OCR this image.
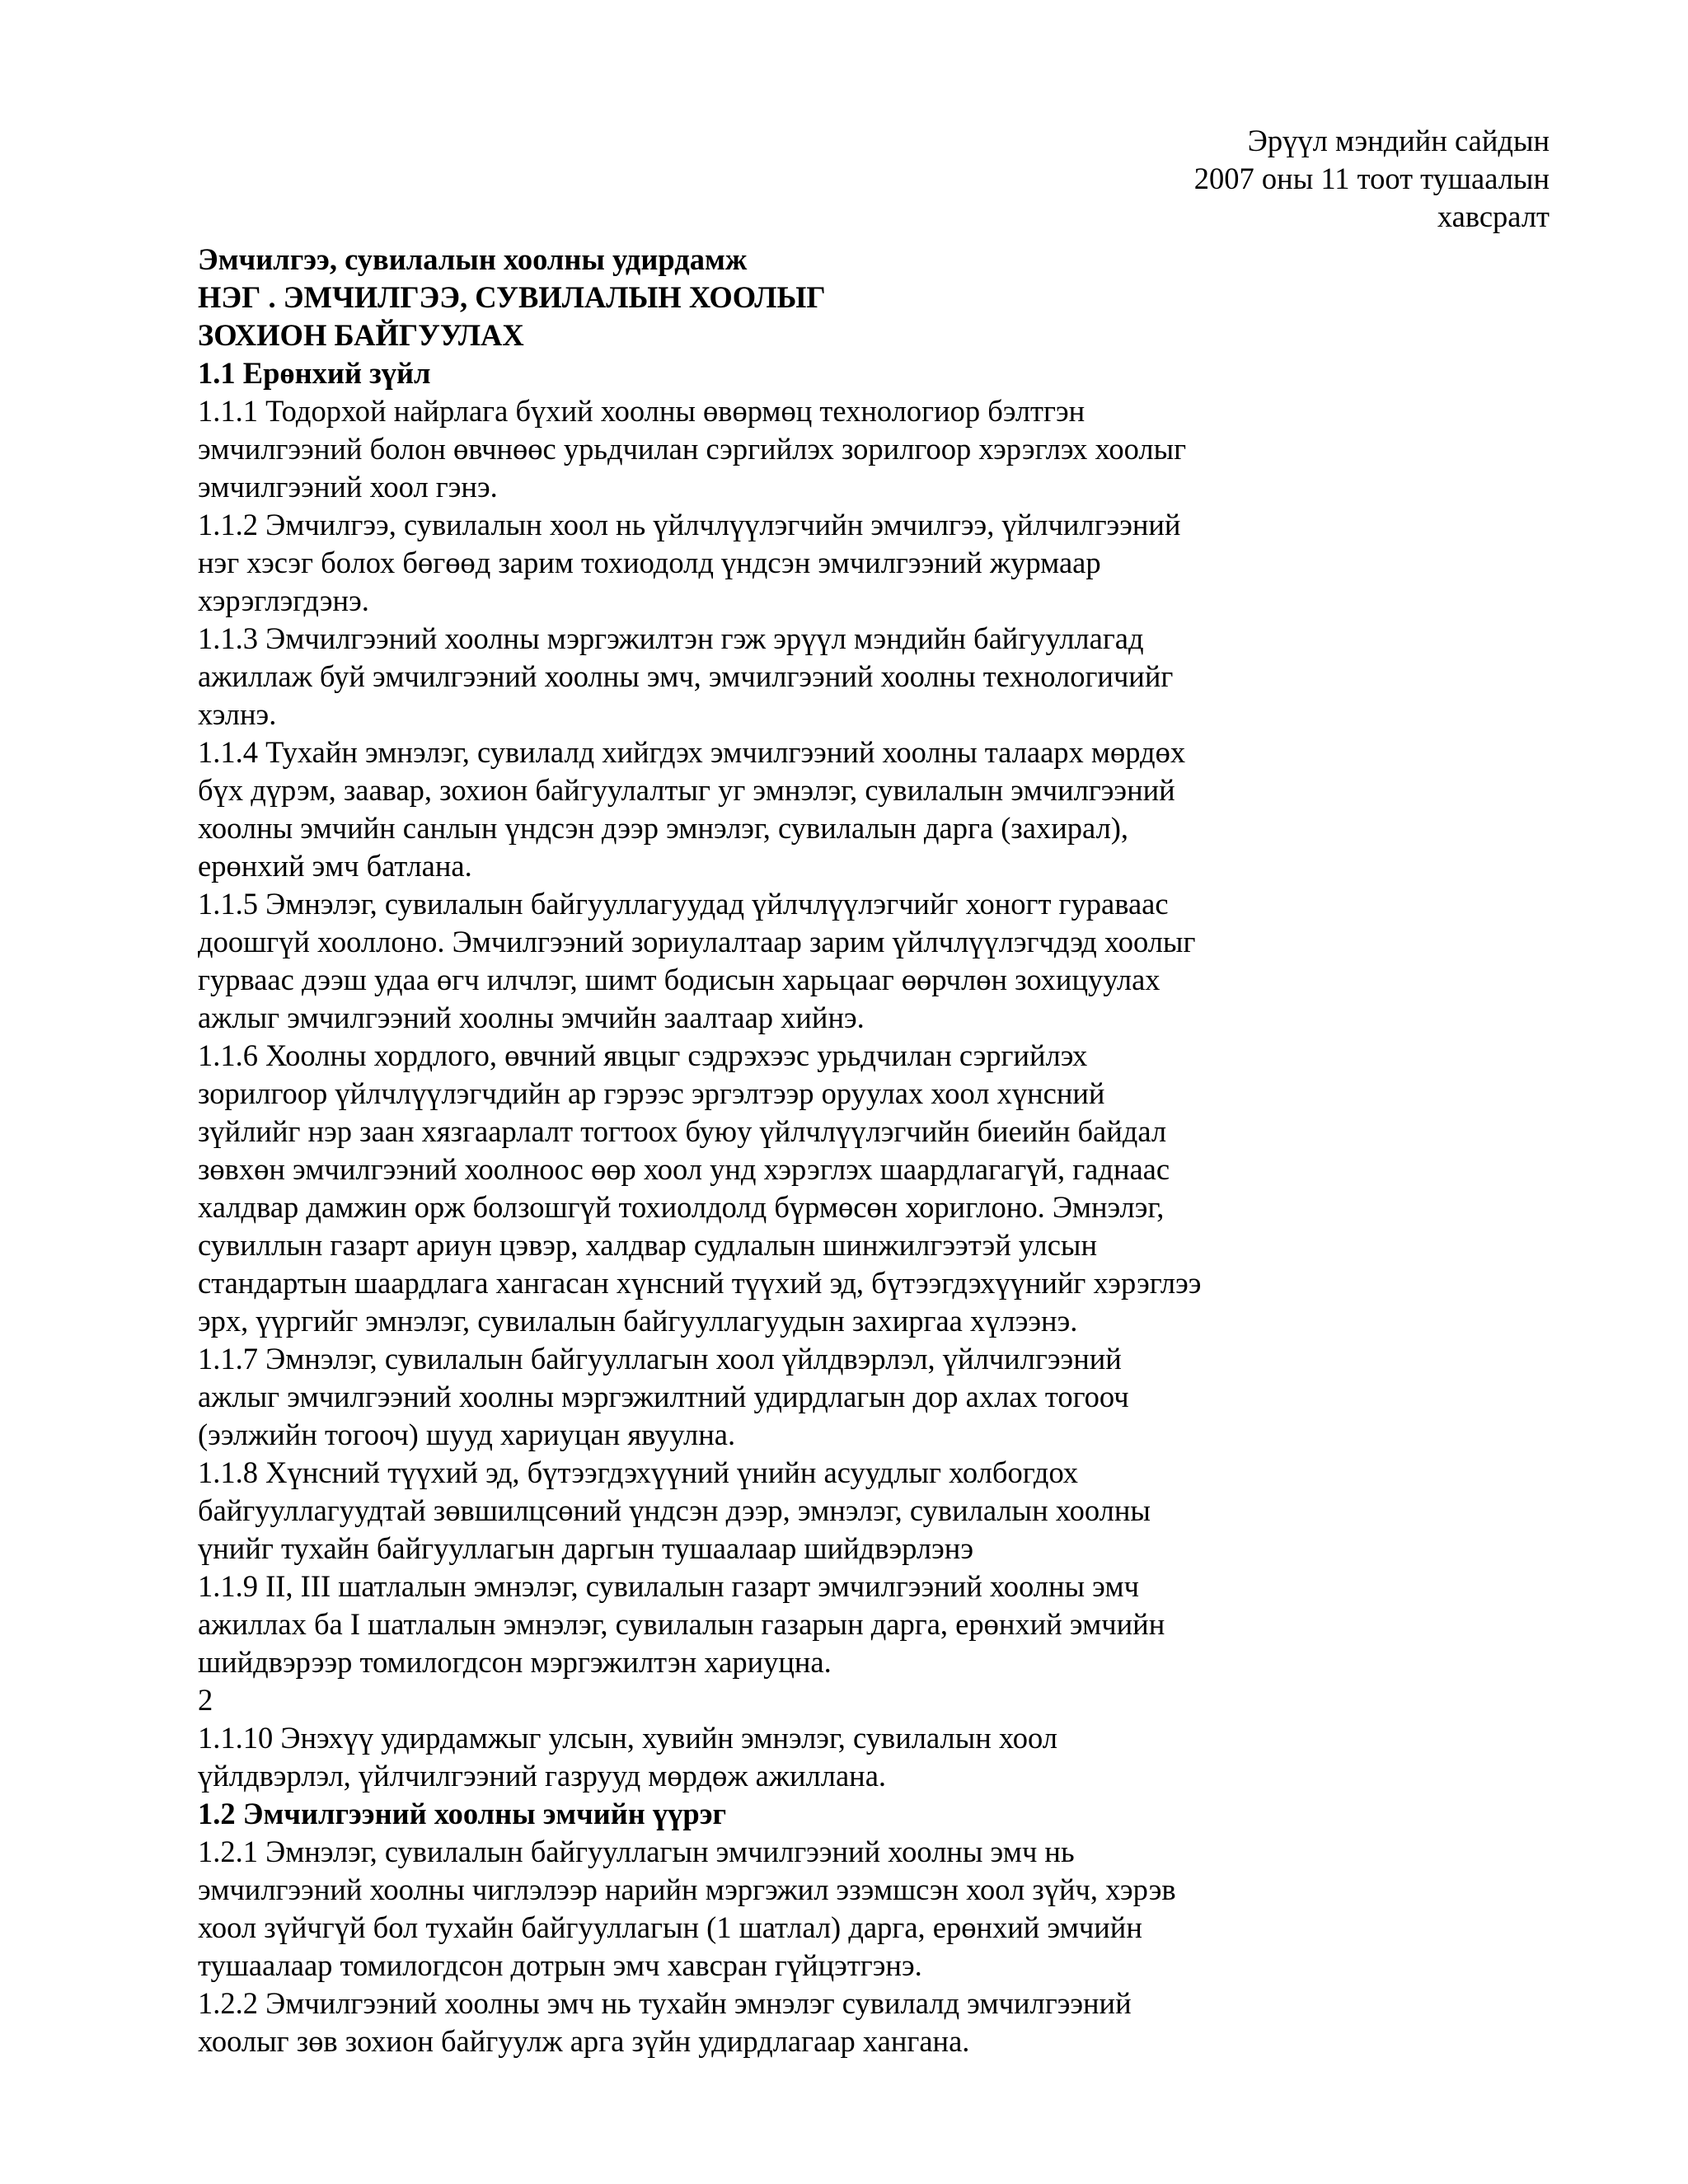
Эрүүл мэндийн сайдын
2007 оны 11 тоот тушаалын
хавсралт
Эмчилгээ, сувилалын хоолны удирдамж
НЭГ . ЭМЧИЛГЭЭ, СУВИЛАЛЫН ХООЛЫГ
ЗОХИОН БАЙГУУЛАХ
1.1 Ерөнхий зүйл
1.1.1 Тодорхой найрлага бүхий хоолны өвөрмөц технологиор бэлтгэн
эмчилгээний болон өвчнөөс урьдчилан сэргийлэх зорилгоор хэрэглэх хоолыг
эмчилгээний хоол гэнэ.
1.1.2 Эмчилгээ, сувилалын хоол нь үйлчлүүлэгчийн эмчилгээ, үйлчилгээний
нэг хэсэг болох бөгөөд зарим тохиодолд үндсэн эмчилгээний журмаар
хэрэглэгдэнэ.
1.1.3 Эмчилгээний хоолны мэргэжилтэн гэж эрүүл мэндийн байгууллагад
ажиллаж буй эмчилгээний хоолны эмч, эмчилгээний хоолны технологичийг
хэлнэ.
1.1.4 Тухайн эмнэлэг, сувилалд хийгдэх эмчилгээний хоолны талаарх мөрдөх
бүх дүрэм, заавар, зохион байгуулалтыг уг эмнэлэг, сувилалын эмчилгээний
хоолны эмчийн санлын үндсэн дээр эмнэлэг, сувилалын дарга (захирал),
ерөнхий эмч батлана.
1.1.5 Эмнэлэг, сувилалын байгууллагуудад үйлчлүүлэгчийг хоногт гураваас
доошгүй хооллоно. Эмчилгээний зориулалтаар зарим үйлчлүүлэгчдэд хоолыг
гурваас дээш удаа өгч илчлэг, шимт бодисын харьцааг өөрчлөн зохицуулах
ажлыг эмчилгээний хоолны эмчийн заалтаар хийнэ.
1.1.6 Хоолны хордлого, өвчний явцыг сэдрэхээс урьдчилан сэргийлэх
зорилгоор үйлчлүүлэгчдийн ар гэрээс эргэлтээр оруулах хоол хүнсний
зүйлийг нэр заан хязгаарлалт тогтоох буюу үйлчлүүлэгчийн биеийн байдал
зөвхөн эмчилгээний хоолноос өөр хоол унд хэрэглэх шаардлагагүй, гаднаас
халдвар дамжин орж болзошгүй тохиолдолд бүрмөсөн хориглоно. Эмнэлэг,
сувиллын газарт ариун цэвэр, халдвар судлалын шинжилгээтэй улсын
стандартын шаардлага хангасан хүнсний түүхий эд, бүтээгдэхүүнийг хэрэглээ
эрх, үүргийг эмнэлэг, сувилалын байгууллагуудын захиргаа хүлээнэ.
1.1.7 Эмнэлэг, сувилалын байгууллагын хоол үйлдвэрлэл, үйлчилгээний
ажлыг эмчилгээний хоолны мэргэжилтний удирдлагын дор ахлах тогооч
(ээлжийн тогооч) шууд хариуцан явуулна.
1.1.8 Хүнсний түүхий эд, бүтээгдэхүүний үнийн асуудлыг холбогдох
байгууллагуудтай зөвшилцсөний үндсэн дээр, эмнэлэг, сувилалын хоолны
үнийг тухайн байгууллагын даргын тушаалаар шийдвэрлэнэ
1.1.9 II, III шатлалын эмнэлэг, сувилалын газарт эмчилгээний хоолны эмч
ажиллах ба I шатлалын эмнэлэг, сувилалын газарын дарга, ерөнхий эмчийн
шийдвэрээр томилогдсон мэргэжилтэн хариуцна.
2
1.1.10 Энэхүү удирдамжыг улсын, хувийн эмнэлэг, сувилалын хоол
үйлдвэрлэл, үйлчилгээний газрууд мөрдөж ажиллана.
1.2 Эмчилгээний хоолны эмчийн үүрэг
1.2.1 Эмнэлэг, сувилалын байгууллагын эмчилгээний хоолны эмч нь
эмчилгээний хоолны чиглэлээр нарийн мэргэжил эзэмшсэн хоол зүйч, хэрэв
хоол зүйчгүй бол тухайн байгууллагын (1 шатлал) дарга, ерөнхий эмчийн
тушаалаар томилогдсон дотрын эмч хавсран гүйцэтгэнэ.
1.2.2 Эмчилгээний хоолны эмч нь тухайн эмнэлэг сувилалд эмчилгээний
хоолыг зөв зохион байгуулж арга зүйн удирдлагаар хангана.
